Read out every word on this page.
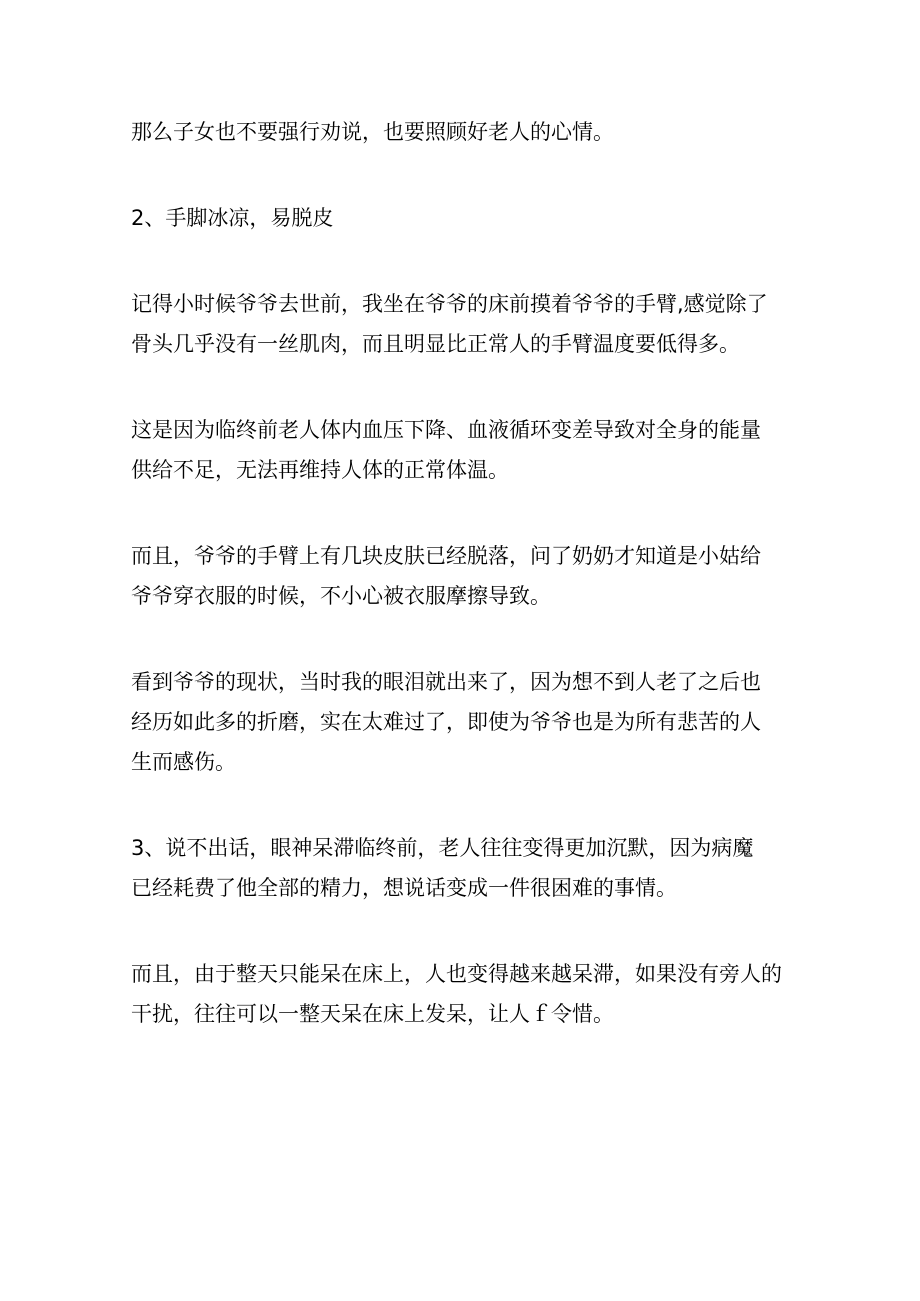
那么子女也不要强行劝说，也要照顾好老人的心情。

2、手脚冰凉，易脱皮

记得小时候爷爷去世前，我坐在爷爷的床前摸着爷爷的手臂,感觉除了
骨头几乎没有一丝肌肉，而且明显比正常人的手臂温度要低得多。

这是因为临终前老人体内血压下降、血液循环变差导致对全身的能量
供给不足，无法再维持人体的正常体温。

而且，爷爷的手臂上有几块皮肤已经脱落，问了奶奶才知道是小姑给
爷爷穿衣服的时候，不小心被衣服摩擦导致。

看到爷爷的现状，当时我的眼泪就出来了，因为想不到人老了之后也
经历如此多的折磨，实在太难过了，即使为爷爷也是为所有悲苦的人
生而感伤。

3、说不出话，眼神呆滞临终前，老人往往变得更加沉默，因为病魔
已经耗费了他全部的精力，想说话变成一件很困难的事情。

而且，由于整天只能呆在床上，人也变得越来越呆滞，如果没有旁人的
干扰，往往可以一整天呆在床上发呆，让人ｆ令惜。
